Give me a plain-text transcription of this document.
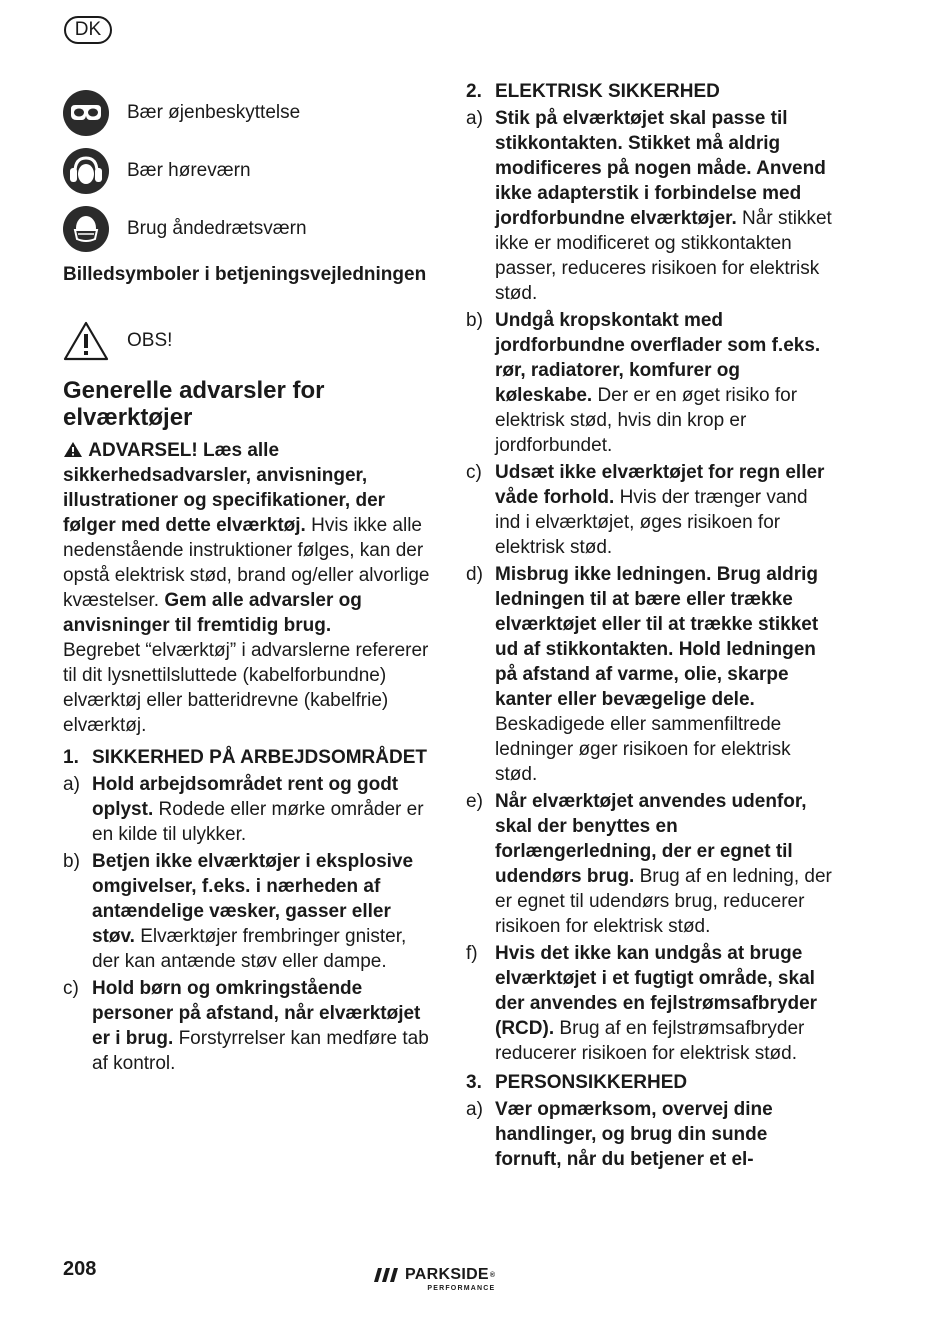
DK
Bær øjenbeskyttelse
Bær høreværn
Brug åndedrætsværn
Billedsymboler i betjeningsvejledningen
OBS!
Generelle advarsler for elværktøjer
ADVARSEL! Læs alle sikkerhedsadvarsler, anvisninger, illustrationer og specifikationer, der følger med dette elværktøj. Hvis ikke alle nedenstående instruktioner følges, kan der opstå elektrisk stød, brand og/eller alvorlige kvæstelser. Gem alle advarsler og anvisninger til fremtidig brug.
Begrebet “elværktøj” i advarslerne refererer til dit lysnettilsluttede (kabelforbundne) elværktøj eller batteridrevne (kabelfrie) elværktøj.
1. SIKKERHED PÅ ARBEJDSOMRÅDET
a) Hold arbejdsområdet rent og godt oplyst. Rodede eller mørke områder er en kilde til ulykker.
b) Betjen ikke elværktøjer i eksplosive omgivelser, f.eks. i nærheden af antændelige væsker, gasser eller støv. Elværktøjer frembringer gnister, der kan antænde støv eller dampe.
c) Hold børn og omkringstående personer på afstand, når elværktøjet er i brug. Forstyrrelser kan medføre tab af kontrol.
2. ELEKTRISK SIKKERHED
a) Stik på elværktøjet skal passe til stikkontakten. Stikket må aldrig modificeres på nogen måde. Anvend ikke adapterstik i forbindelse med jordforbundne elværktøjer. Når stikket ikke er modificeret og stikkontakten passer, reduceres risikoen for elektrisk stød.
b) Undgå kropskontakt med jordforbundne overflader som f.eks. rør, radiatorer, komfurer og køleskabe. Der er en øget risiko for elektrisk stød, hvis din krop er jordforbundet.
c) Udsæt ikke elværktøjet for regn eller våde forhold. Hvis der trænger vand ind i elværktøjet, øges risikoen for elektrisk stød.
d) Misbrug ikke ledningen. Brug aldrig ledningen til at bære eller trække elværktøjet eller til at trække stikket ud af stikkontakten. Hold ledningen på afstand af varme, olie, skarpe kanter eller bevægelige dele. Beskadigede eller sammenfiltrede ledninger øger risikoen for elektrisk stød.
e) Når elværktøjet anvendes udenfor, skal der benyttes en forlængerledning, der er egnet til udendørs brug. Brug af en ledning, der er egnet til udendørs brug, reducerer risikoen for elektrisk stød.
f) Hvis det ikke kan undgås at bruge elværktøjet i et fugtigt område, skal der anvendes en fejlstrømsafbryder (RCD). Brug af en fejlstrømsafbryder reducerer risikoen for elektrisk stød.
3. PERSONSIKKERHED
a) Vær opmærksom, overvej dine handlinger, og brug din sunde fornuft, når du betjener et el-
208	PARKSIDE ®
PERFORMANCE
